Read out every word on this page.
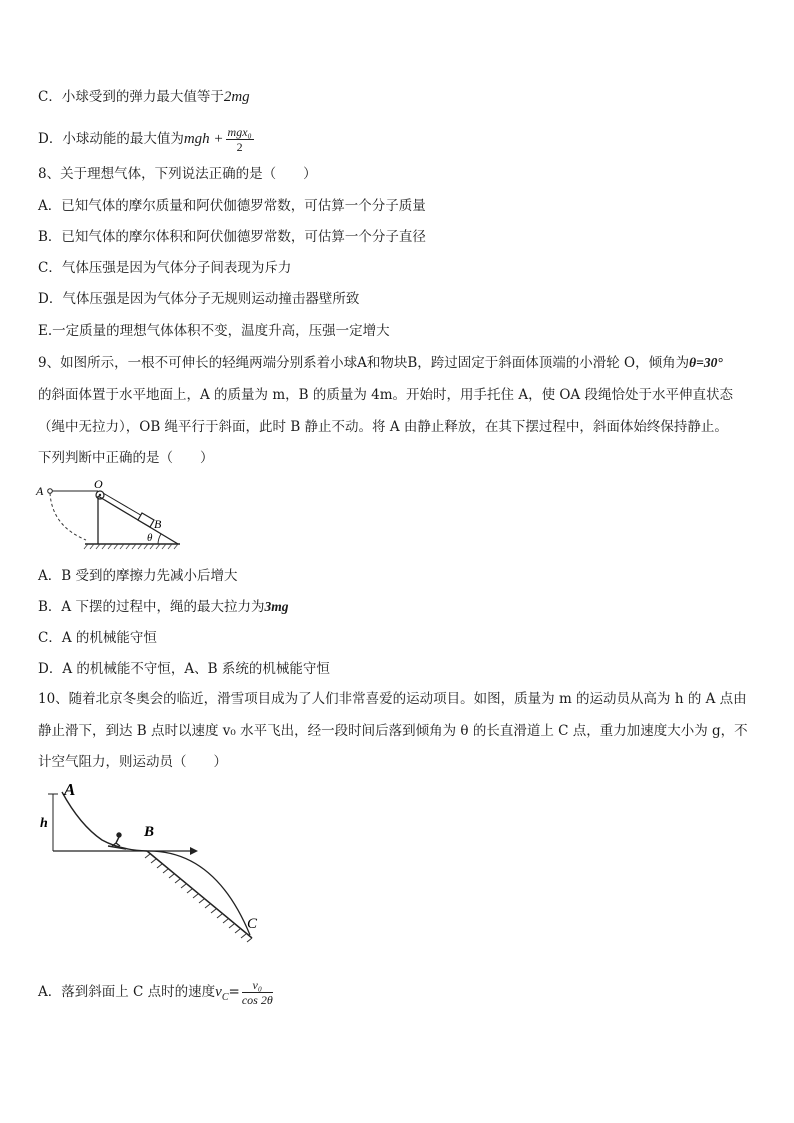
C．小球受到的弹力最大值等于2mg
D．小球动能的最大值为mgh + $\frac{\text{mgx₀}}{2}$
8、关于理想气体，下列说法正确的是（　　）
A．已知气体的摩尔质量和阿伏伽德罗常数，可估算一个分子质量
B．已知气体的摩尔体积和阿伏伽德罗常数，可估算一个分子直径
C．气体压强是因为气体分子间表现为斥力
D．气体压强是因为气体分子无规则运动撞击器壁所致
E.一定质量的理想气体体积不变，温度升高，压强一定增大
9、如图所示，一根不可伸长的轻绳两端分别系着小球A和物块B，跨过固定于斜面体顶端的小滑轮 O，倾角为θ=30°
的斜面体置于水平地面上，A 的质量为 m，B 的质量为 4m。开始时，用手托住 A，使 OA 段绳恰处于水平伸直状态
（绳中无拉力），OB 绳平行于斜面，此时 B 静止不动。将 A 由静止释放，在其下摆过程中，斜面体始终保持静止。
下列判断中正确的是（　　）
A	O
B
θ
A．B 受到的摩擦力先减小后增大
B．A 下摆的过程中，绳的最大拉力为3mg
C．A 的机械能守恒
D．A 的机械能不守恒，A、B 系统的机械能守恒
10、随着北京冬奥会的临近，滑雪项目成为了人们非常喜爱的运动项目。如图，质量为 m 的运动员从高为 h 的 A 点由
静止滑下，到达 B 点时以速度 v₀ 水平飞出，经一段时间后落到倾角为 θ 的长直滑道上 C 点，重力加速度大小为 g，不
计空气阻力，则运动员（　　）
A
h
B
C
A．落到斜面上 C 点时的速度$v_C= \frac{\text{v₀}}{\cos 2\theta}$
